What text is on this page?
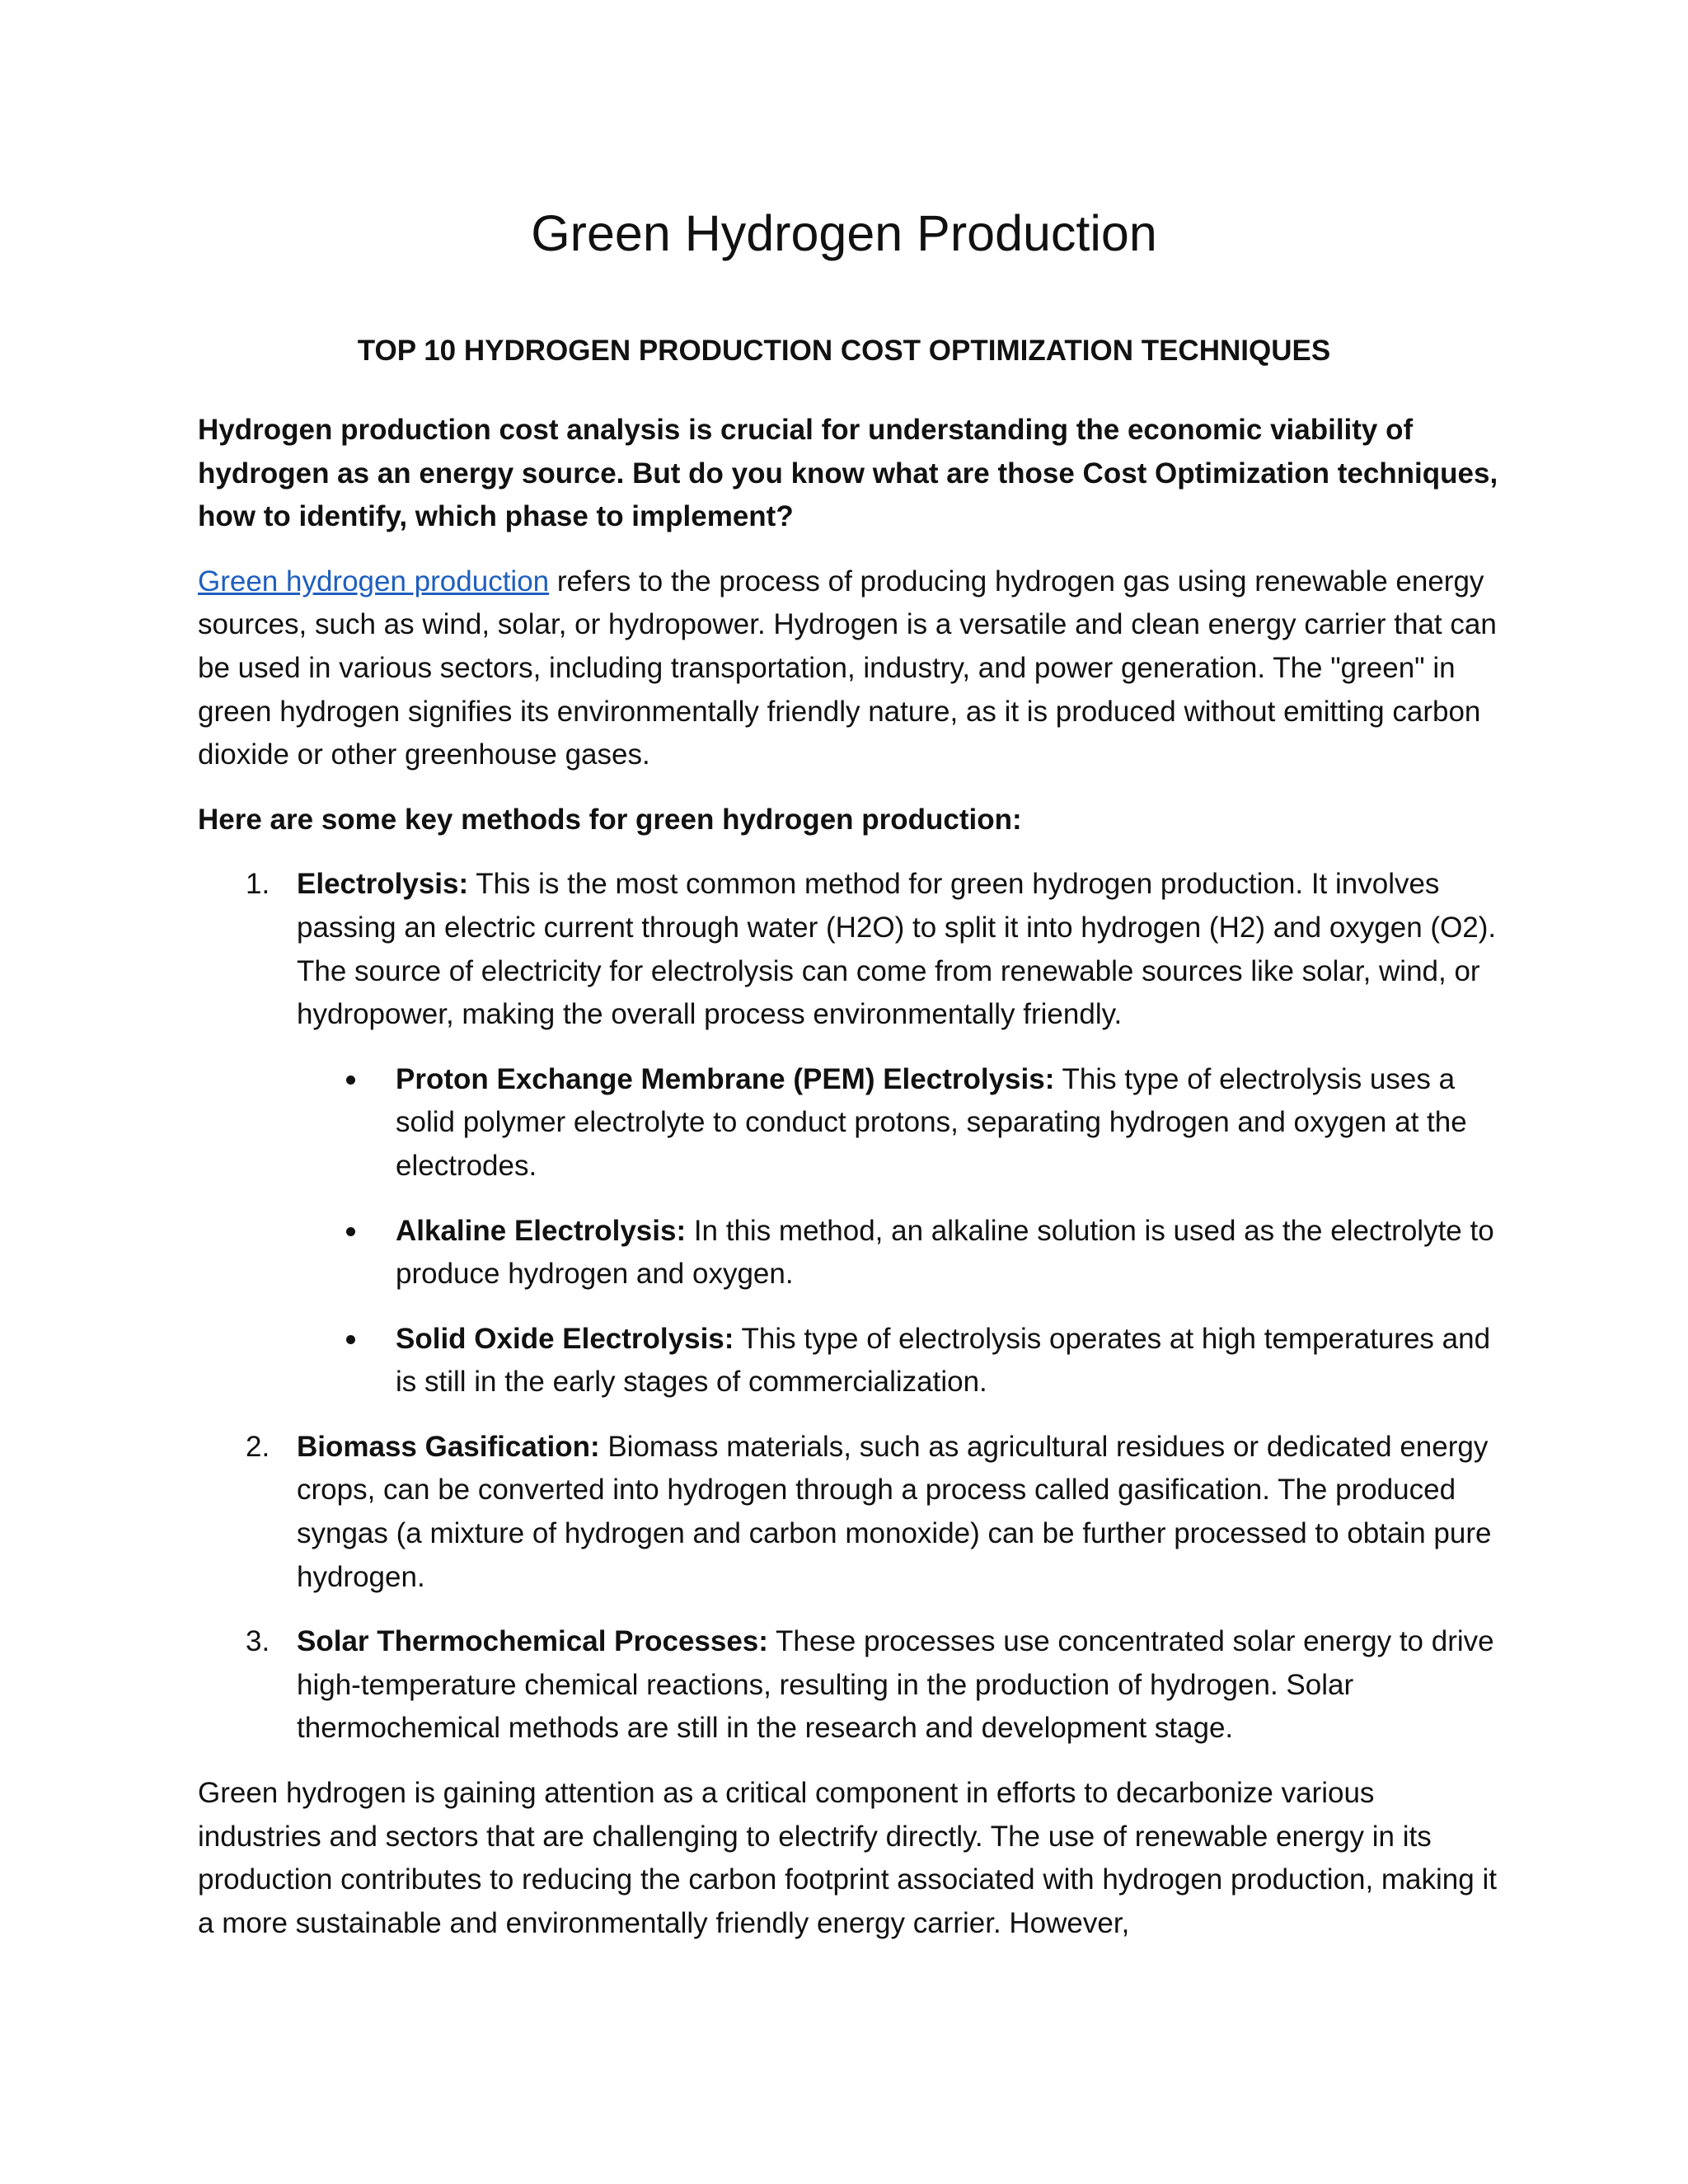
Green Hydrogen Production
TOP 10 HYDROGEN PRODUCTION COST OPTIMIZATION TECHNIQUES

Hydrogen production cost analysis is crucial for understanding the economic viability of hydrogen as an energy source. But do you know what are those Cost Optimization techniques, how to identify, which phase to implement?

Green hydrogen production refers to the process of producing hydrogen gas using renewable energy sources, such as wind, solar, or hydropower. Hydrogen is a versatile and clean energy carrier that can be used in various sectors, including transportation, industry, and power generation. The "green" in green hydrogen signifies its environmentally friendly nature, as it is produced without emitting carbon dioxide or other greenhouse gases.

Here are some key methods for green hydrogen production:

1. Electrolysis: This is the most common method for green hydrogen production. It involves passing an electric current through water (H2O) to split it into hydrogen (H2) and oxygen (O2). The source of electricity for electrolysis can come from renewable sources like solar, wind, or hydropower, making the overall process environmentally friendly.
Proton Exchange Membrane (PEM) Electrolysis: This type of electrolysis uses a solid polymer electrolyte to conduct protons, separating hydrogen and oxygen at the electrodes.
Alkaline Electrolysis: In this method, an alkaline solution is used as the electrolyte to produce hydrogen and oxygen.
Solid Oxide Electrolysis: This type of electrolysis operates at high temperatures and is still in the early stages of commercialization.
2. Biomass Gasification: Biomass materials, such as agricultural residues or dedicated energy crops, can be converted into hydrogen through a process called gasification. The produced syngas (a mixture of hydrogen and carbon monoxide) can be further processed to obtain pure hydrogen.
3. Solar Thermochemical Processes: These processes use concentrated solar energy to drive high-temperature chemical reactions, resulting in the production of hydrogen. Solar thermochemical methods are still in the research and development stage.

Green hydrogen is gaining attention as a critical component in efforts to decarbonize various industries and sectors that are challenging to electrify directly. The use of renewable energy in its production contributes to reducing the carbon footprint associated with hydrogen production, making it a more sustainable and environmentally friendly energy carrier. However,
